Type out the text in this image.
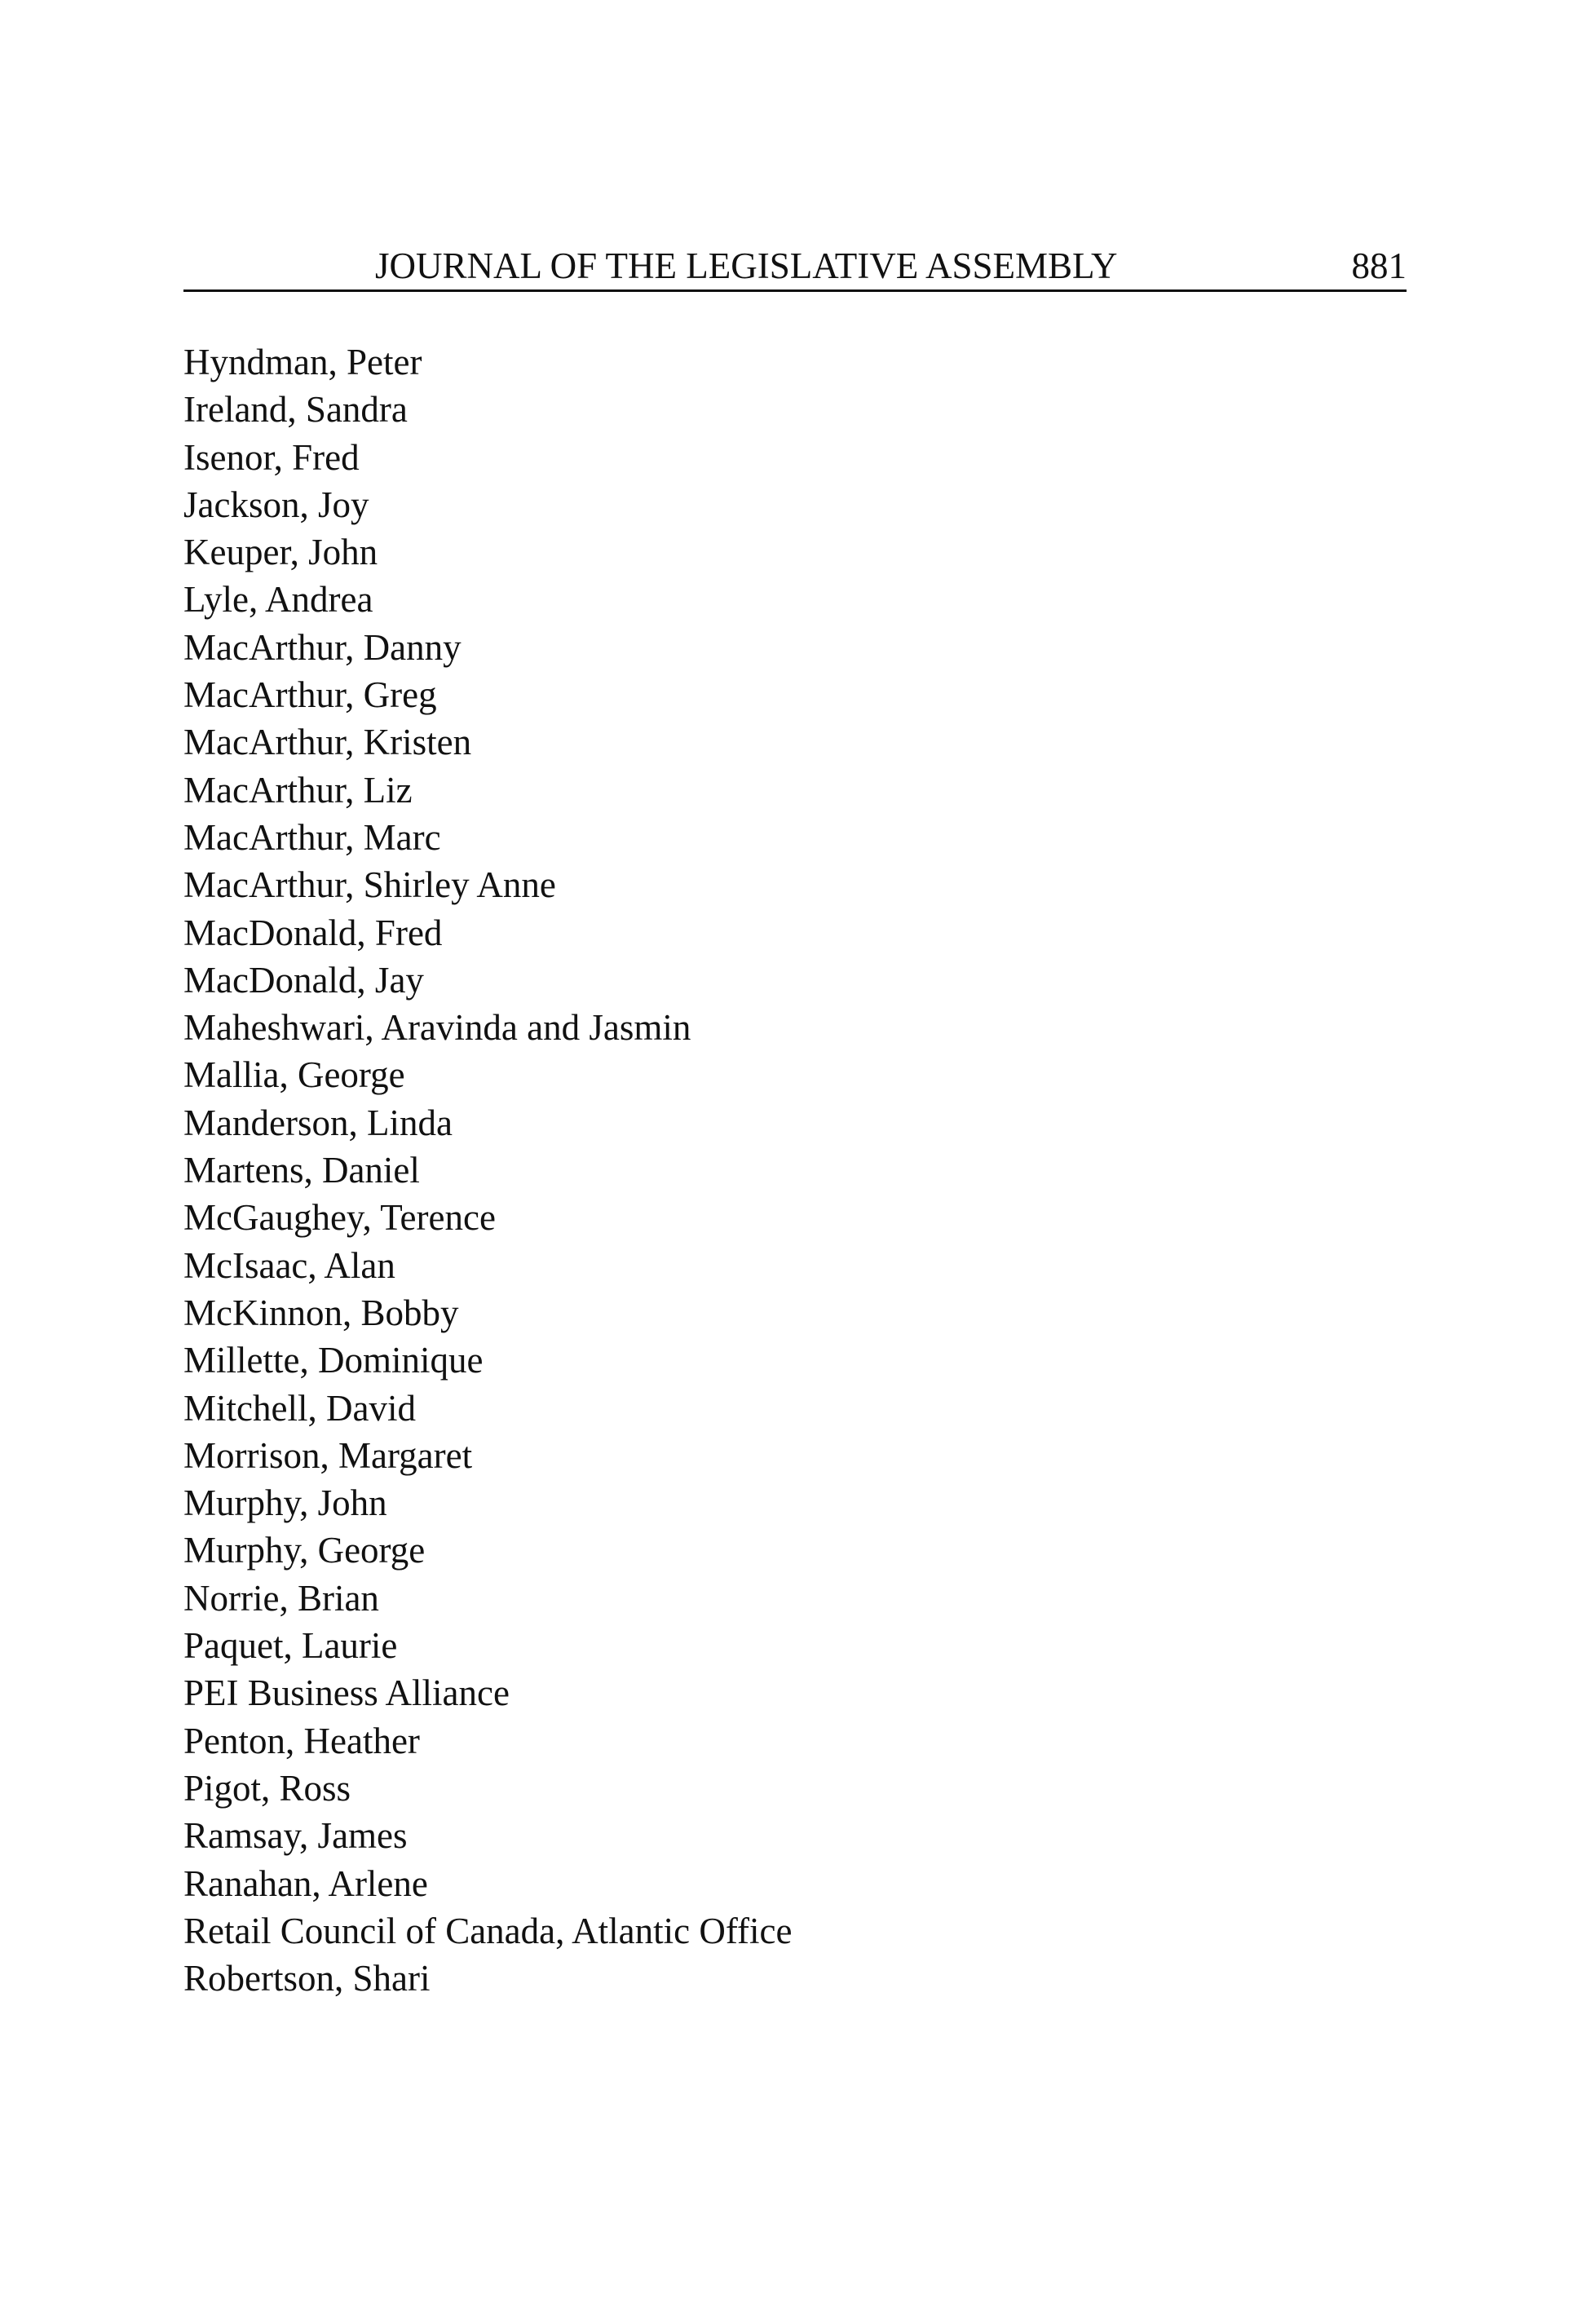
JOURNAL OF THE LEGISLATIVE ASSEMBLY	881
Hyndman, Peter
Ireland, Sandra
Isenor, Fred
Jackson, Joy
Keuper, John
Lyle, Andrea
MacArthur, Danny
MacArthur, Greg
MacArthur, Kristen
MacArthur, Liz
MacArthur, Marc
MacArthur, Shirley Anne
MacDonald, Fred
MacDonald, Jay
Maheshwari, Aravinda and Jasmin
Mallia, George
Manderson, Linda
Martens, Daniel
McGaughey, Terence
McIsaac, Alan
McKinnon, Bobby
Millette, Dominique
Mitchell, David
Morrison, Margaret
Murphy, John
Murphy, George
Norrie, Brian
Paquet, Laurie
PEI Business Alliance
Penton, Heather
Pigot, Ross
Ramsay, James
Ranahan, Arlene
Retail Council of Canada, Atlantic Office
Robertson, Shari
